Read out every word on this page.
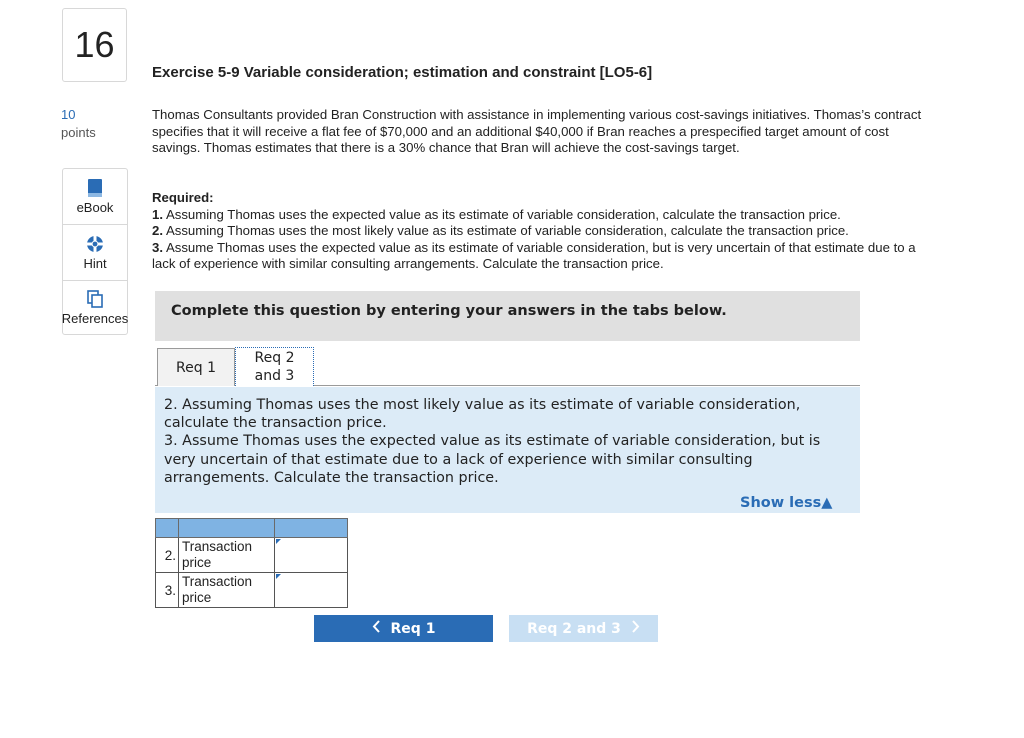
16
10
points
eBook
Hint
References
Exercise 5-9 Variable consideration; estimation and constraint [LO5-6]
Thomas Consultants provided Bran Construction with assistance in implementing various cost-savings initiatives. Thomas’s contract specifies that it will receive a flat fee of $70,000 and an additional $40,000 if Bran reaches a prespecified target amount of cost savings. Thomas estimates that there is a 30% chance that Bran will achieve the cost-savings target.
Required:
1. Assuming Thomas uses the expected value as its estimate of variable consideration, calculate the transaction price.
2. Assuming Thomas uses the most likely value as its estimate of variable consideration, calculate the transaction price.
3. Assume Thomas uses the expected value as its estimate of variable consideration, but is very uncertain of that estimate due to a lack of experience with similar consulting arrangements. Calculate the transaction price.
Complete this question by entering your answers in the tabs below.
Req 1
Req 2
and 3
2. Assuming Thomas uses the most likely value as its estimate of variable consideration, calculate the transaction price.
3. Assume Thomas uses the expected value as its estimate of variable consideration, but is very uncertain of that estimate due to a lack of experience with similar consulting arrangements. Calculate the transaction price.
Show less▲

2.	Transaction price	

3.	Transaction price	
Req 1	Req 2 and 3
